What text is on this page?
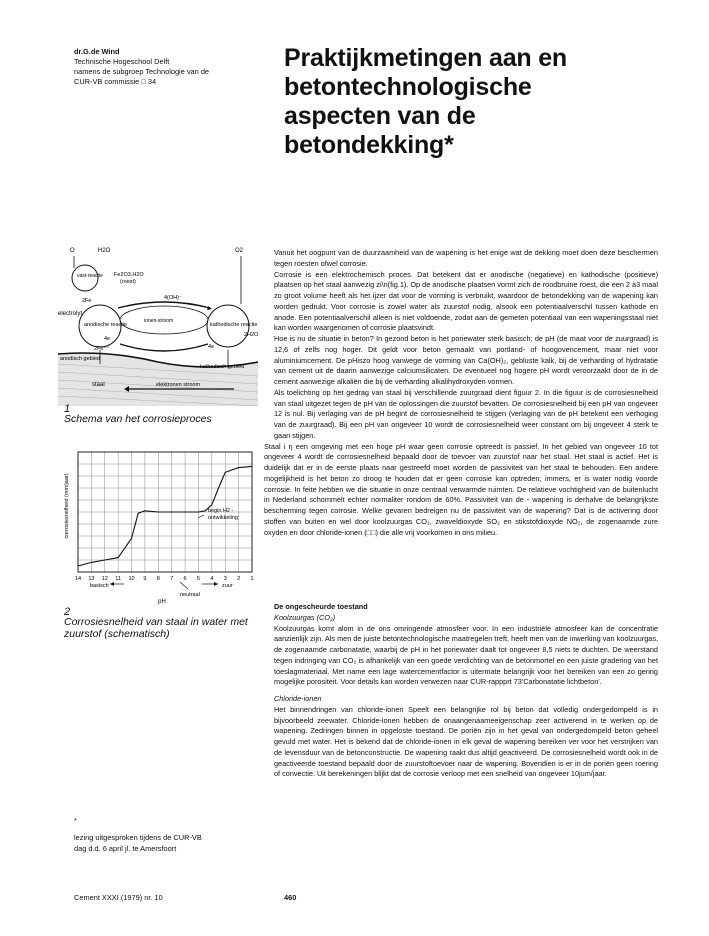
dr.G.de Wind
Technische Hogeschool Delft
namens de subgroep Technologie van de
CUR-VB commissie □ 34
Praktijkmetingen aan en
betontechnologische
aspecten van de
betondekking*
O	H2O
Fe2O3.H2O
(roest)
vast-reactie
2Fe	4(OH)⁻
O2
electrolyt
ionen-stroom
anodische reactie	kathodische reactie
2H2O
2Fe⁺⁺
4e
4e
anodisch gebied
kathodisch gebied
staal	elektronen stroom
1
Schema van het corrosieproces
corrosiesnelheid (mm/jaar)
14 13 12 11 10 9 8 7 6 5 4 3 2 1
begin H2 -
ontwikkeling
basisch	zuur
neutraal
pH
2
Corrosiesnelheid van staal in water met
zuurstof (schematisch)

Vanuit het oogpunt van de duurzaamheid van de wapening is het enige wat de dekking moet doen deze beschermen tegen roesten ofwel corrosie.

Corrosie is een elektrochemisch proces. Dat betekent dat er anodische (negatieve) en kathodische (positieve) plaatsen op het staal aanwezig zi\n(fig.1). Op de anodische plaatsen vormt zich de roodbruine roest, die een 2 à3 maal zo groot volume heeft als het ijzer dat voor de vorming is verbruikt, waardoor de betondekking van de wapening kan worden gedrukt. Voor corrosie is zowel water als zuurstof nodig, alsook een potentiaalverschil tussen kathode en anode. Een potentiaalverschil alleen is niet voldoende, zodat aan de gemeten potentiaal van een wapeningsstaal niet kan worden waargenomen of corrosie plaatsvindt.

Hoe is nu de situatie in beton? In gezond beton is het poriewater sterk basisch; de pH (de maat voor de zuurgraad) is 12,6 of zelfs nog hoger. Dit geldt voor beton gemaakt van portland- of hoogovencement, maar niet voor aluminiumcement. De pHiszo hoog vanwege de vorming van Ca(OH)₂, gebluste kalk, bij de verharding of hydratatie van cement uit de daarin aanwezige calciumsilicaten. De eventueel nog hogere pH wordt veroorzaakt door de in de cement aanwezige alkaliën die bij de verharding alkalihydroxyden vormen.

Als toelichting op het gedrag van staal bij verschillende zuurgraad dient figuur 2. In die figuur is de corrosiesnelheid van staal uitgezet tegen de pH van de oplossingen die zuurstof bevatten. De corrosiesnelheid bij een pH van ongeveer 12 is nul. Bij verlaging van de pH begint de corrosiesnelheid te stijgen (verlaging van de pH betekent een verhoging van de zuurgraad). Bij een pH van ongeveer 10 wordt de corrosiesnelheid weer constant om bij ongeveer 4 sterk te gaan stijgen.

Staal i η een omgeving met een hoge pH waar geen corrosie optreedt is passief. In het gebied van ongeveer 10 tot ongeveer 4 wordt de corrosiesnelheid bepaald door de toevoer van zuurstof naar het staal. Het staal is actief. Het is duidelijk dat er in de eerste plaats naar gestreefd moet worden de passiviteit van het staal te behouden. Een andere mogelijkheid is het beton zo droog te houden dat er geen corrosie kan optreden; immers, er is water nodig voorde corrosie. In feite hebben we die situatie in onze centraal verwarmde ruimten. De relatieve vochtigheid van de buitenlucht in Nederland schommelt echter normaliter rondom de 60%. Passiviteit van de - wapening is derhalve de belangrijkste bescherming tegen corrosie. Welke gevaren bedreigen nu de passiviteit van de wapening? Dat is de activering door stoffen van buiten en wel door koolzuurgas CO₂, zwaveldioxyde SO₂ en stikstofdioxyde NO₂, de zogenaamde zure oxyden en door chloride-ionen (□□) die alle vrij voorkomen in ons milieu.

De ongescheurde toestand

Koolzuurgas (CO₂)

Koolzuurgas komt alom in de ons omringende atmosfeer voor. In een industriële atmosfeer kan de concentratie aanzienlijk zijn. Als men de juiste betontechnologische maatregelen treft, heeft men van de inwerking van koolzuurgas, de zogenaamde carbonatatie, waarbij de pH in het poriewater daalt tot ongeveer 8,5 niets te duchten. De weerstand tegen indringing van CO₂ is afhankelijk van een goede verdichting van de betonmortel en een juiste gradering van het toeslagmateriaal. Met name een lage watercementfactor is uitermate belangrijk voor het bereiken van een zo gering mogelijke porositeit. Voor details kan worden verwezen naar CUR-rappprt 73'Carbonatatie lichtbeton'.

Chloride-ionen

Het binnendringen van chloride-ionen Speelt een belangrijke rol bij beton dat volledig ondergedompeld is in bijvoorbeeld zeewater. Chloride-ionen hebben de onaangenaameeigenschap zeer activerend in te werken op de wapening. Zedringen binnen in opgeloste toestand. De poriën zijn in het geval van ondergedompeld beton geheel gevuld met water. Het is bekend dat de chloride-ionen in elk geval de wapening bereiken ver voor het verstrijken van de levensduur van de betonconstructie. De wapening raakt dus altijd geactiveerd. De corrosiesnelheid wordt ook in de geactiveerde toestand bepaald door de zuurstoftoevoer naar de wapening. Bovendien is er in de poriën geen roering of convectie. Uit berekeningen blijkt dat de corrosie verloop met een snelheid van ongeveer 10jum/jaar.

*
lezing uitgesproken tijdens de CUR-VB
dag d.d. 6 april jl. te Amersfoort
Cement XXXI (1979) nr. 10	460
